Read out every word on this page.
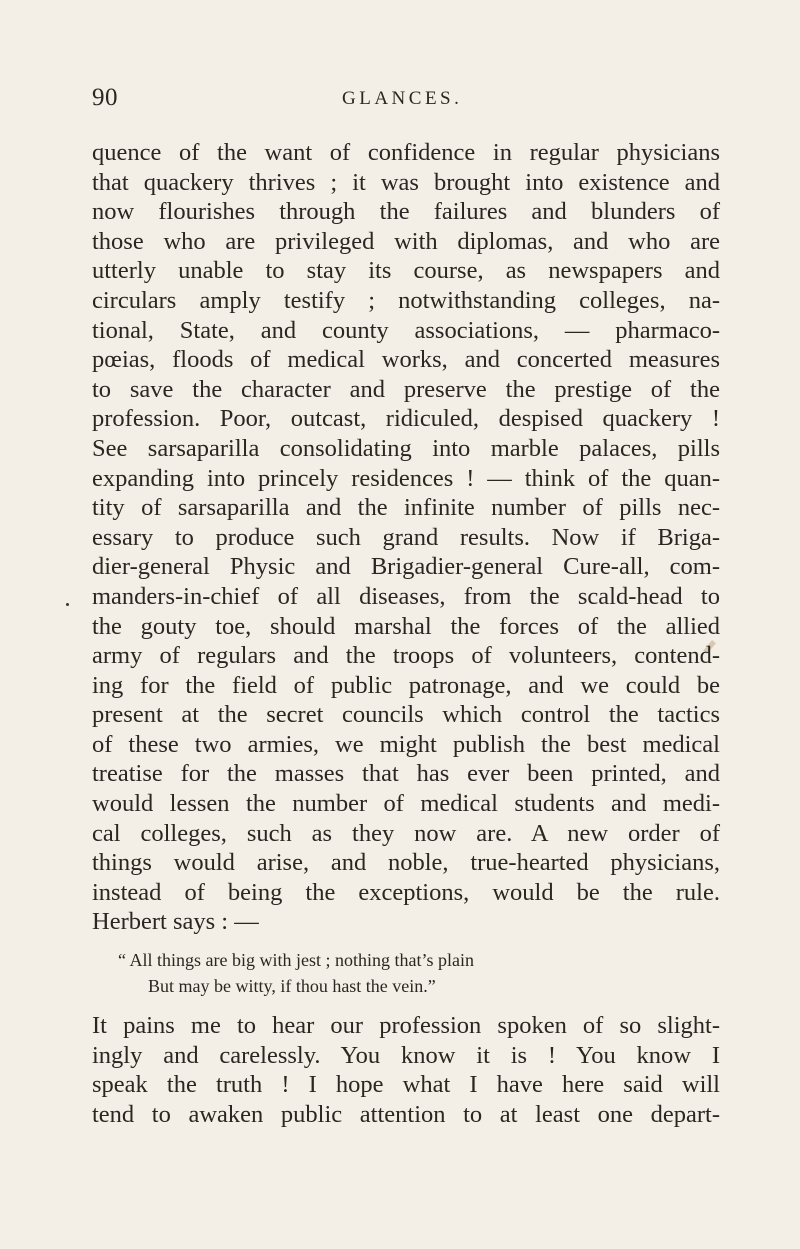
90	GLANCES.
quence of the want of confidence in regular physicians
that quackery thrives ; it was brought into existence and
now flourishes through the failures and blunders of
those who are privileged with diplomas, and who are
utterly unable to stay its course, as newspapers and
circulars amply testify ; notwithstanding colleges, na-
tional, State, and county associations, — pharmaco-
pœias, floods of medical works, and concerted measures
to save the character and preserve the prestige of the
profession. Poor, outcast, ridiculed, despised quackery !
See sarsaparilla consolidating into marble palaces, pills
expanding into princely residences ! — think of the quan-
tity of sarsaparilla and the infinite number of pills nec-
essary to produce such grand results. Now if Briga-
dier-general Physic and Brigadier-general Cure-all, com-
manders-in-chief of all diseases, from the scald-head to
the gouty toe, should marshal the forces of the allied
army of regulars and the troops of volunteers, contend-
ing for the field of public patronage, and we could be
present at the secret councils which control the tactics
of these two armies, we might publish the best medical
treatise for the masses that has ever been printed, and
would lessen the number of medical students and medi-
cal colleges, such as they now are. A new order of
things would arise, and noble, true-hearted physicians,
instead of being the exceptions, would be the rule.
Herbert says : —
“ All things are big with jest ; nothing that’s plain
But may be witty, if thou hast the vein.”
It pains me to hear our profession spoken of so slight-
ingly and carelessly. You know it is ! You know I
speak the truth ! I hope what I have here said will
tend to awaken public attention to at least one depart-
